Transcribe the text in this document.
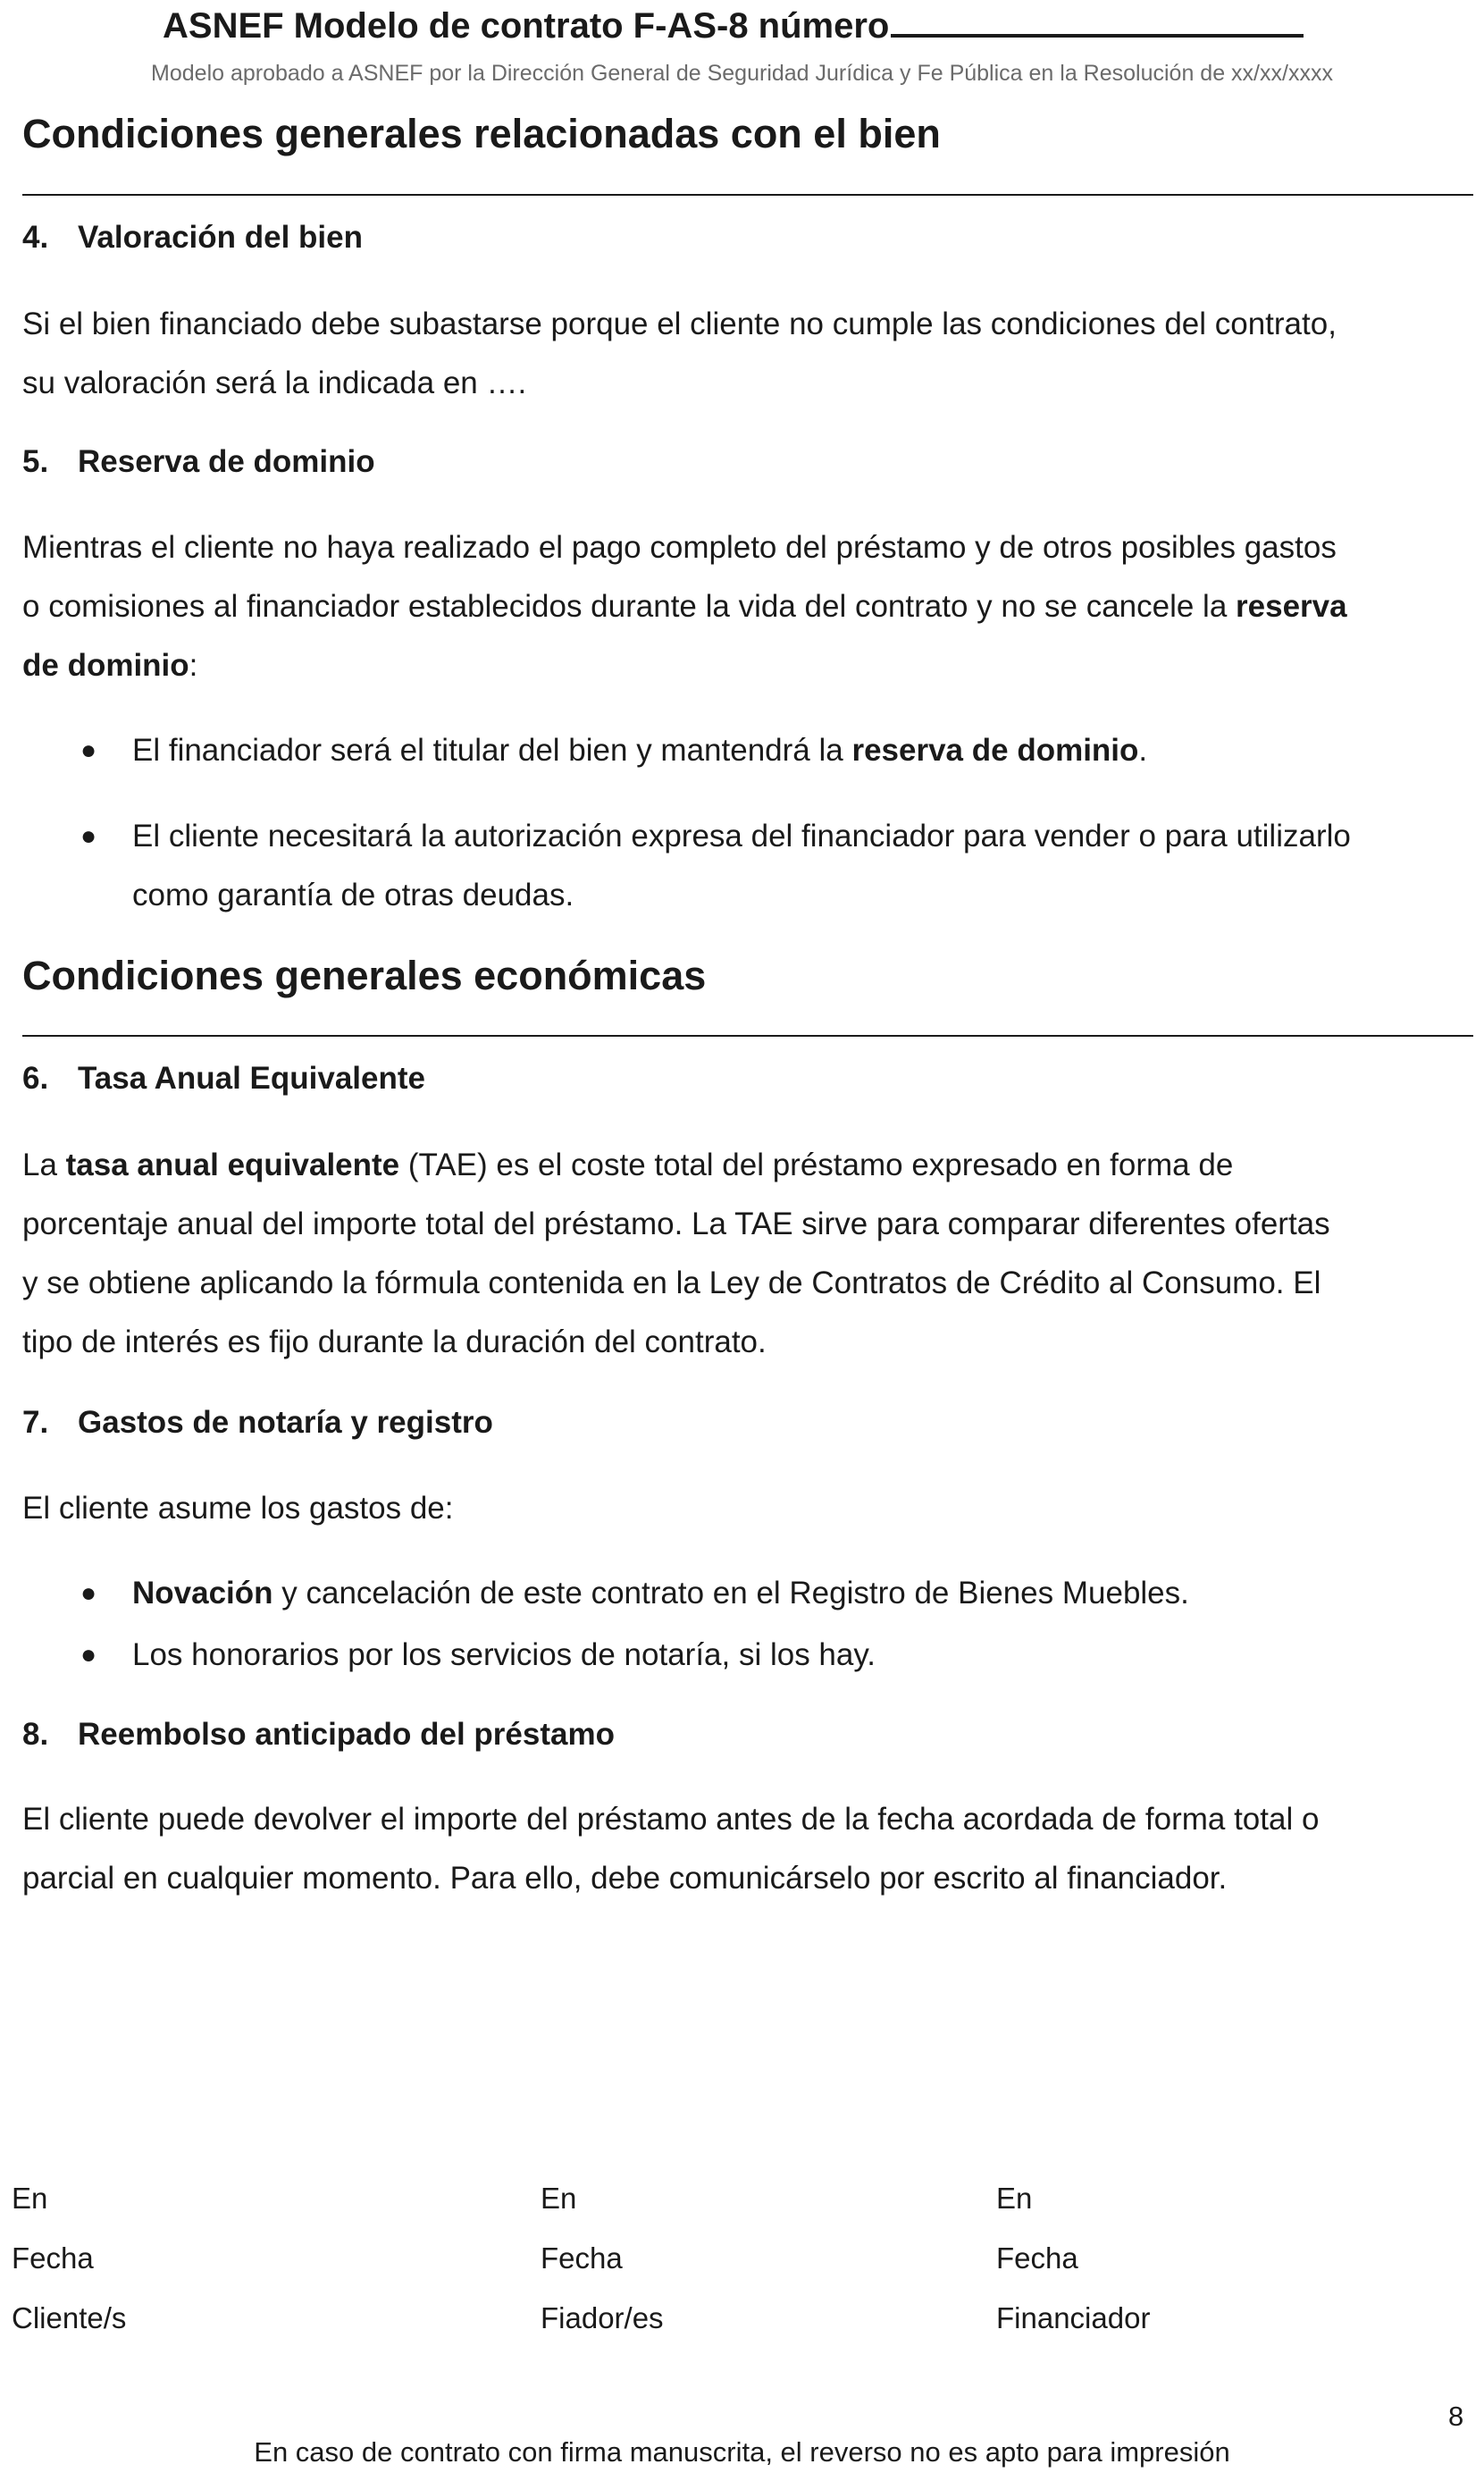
ASNEF Modelo de contrato F-AS-8 número
Modelo aprobado a ASNEF por la Dirección General de Seguridad Jurídica y Fe Pública en la Resolución de xx/xx/xxxx
Condiciones generales relacionadas con el bien
4. Valoración del bien
Si el bien financiado debe subastarse porque el cliente no cumple las condiciones del contrato,
su valoración será la indicada en ….
5. Reserva de dominio
Mientras el cliente no haya realizado el pago completo del préstamo y de otros posibles gastos
o comisiones al financiador establecidos durante la vida del contrato y no se cancele la reserva
de dominio:
● El financiador será el titular del bien y mantendrá la reserva de dominio.
● El cliente necesitará la autorización expresa del financiador para vender o para utilizarlo
como garantía de otras deudas.
Condiciones generales económicas
6. Tasa Anual Equivalente
La tasa anual equivalente (TAE) es el coste total del préstamo expresado en forma de
porcentaje anual del importe total del préstamo. La TAE sirve para comparar diferentes ofertas
y se obtiene aplicando la fórmula contenida en la Ley de Contratos de Crédito al Consumo. El
tipo de interés es fijo durante la duración del contrato.
7. Gastos de notaría y registro
El cliente asume los gastos de:
● Novación y cancelación de este contrato en el Registro de Bienes Muebles.
● Los honorarios por los servicios de notaría, si los hay.
8. Reembolso anticipado del préstamo
El cliente puede devolver el importe del préstamo antes de la fecha acordada de forma total o
parcial en cualquier momento. Para ello, debe comunicárselo por escrito al financiador.
En
Fecha
Cliente/s
En
Fecha
Fiador/es
En
Fecha
Financiador
8
En caso de contrato con firma manuscrita, el reverso no es apto para impresión
